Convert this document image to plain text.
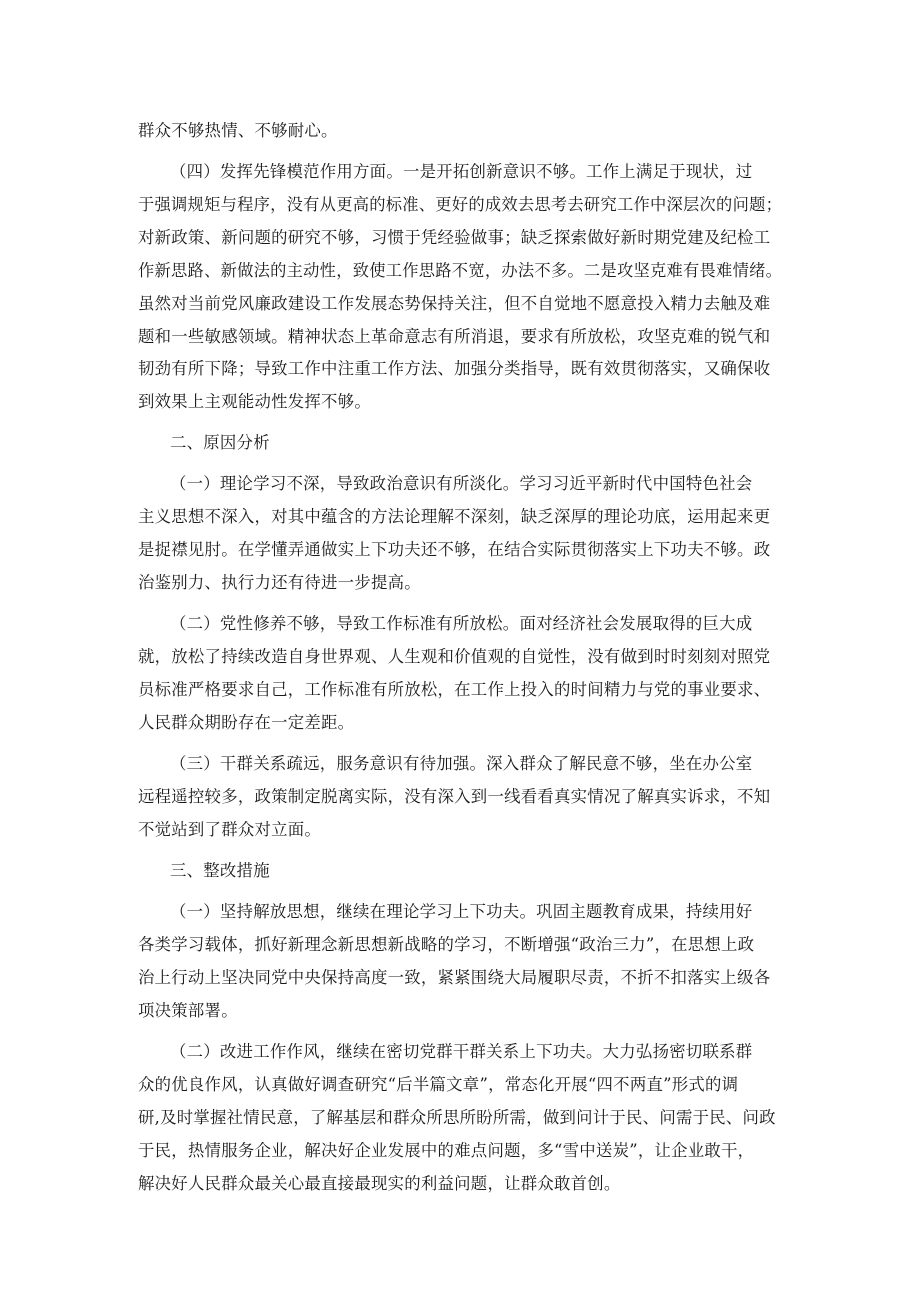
群众不够热情、不够耐心。
（四）发挥先锋模范作用方面。一是开拓创新意识不够。工作上满足于现状，过
于强调规矩与程序，没有从更高的标准、更好的成效去思考去研究工作中深层次的问题；
对新政策、新问题的研究不够，习惯于凭经验做事；缺乏探索做好新时期党建及纪检工
作新思路、新做法的主动性，致使工作思路不宽，办法不多。二是攻坚克难有畏难情绪。
虽然对当前党风廉政建设工作发展态势保持关注，但不自觉地不愿意投入精力去触及难
题和一些敏感领域。精神状态上革命意志有所消退，要求有所放松，攻坚克难的锐气和
韧劲有所下降；导致工作中注重工作方法、加强分类指导，既有效贯彻落实，又确保收
到效果上主观能动性发挥不够。
二、原因分析
（一）理论学习不深，导致政治意识有所淡化。学习习近平新时代中国特色社会
主义思想不深入，对其中蕴含的方法论理解不深刻，缺乏深厚的理论功底，运用起来更
是捉襟见肘。在学懂弄通做实上下功夫还不够，在结合实际贯彻落实上下功夫不够。政
治鉴别力、执行力还有待进一步提高。
（二）党性修养不够，导致工作标准有所放松。面对经济社会发展取得的巨大成
就，放松了持续改造自身世界观、人生观和价值观的自觉性，没有做到时时刻刻对照党
员标准严格要求自己，工作标准有所放松，在工作上投入的时间精力与党的事业要求、
人民群众期盼存在一定差距。
（三）干群关系疏远，服务意识有待加强。深入群众了解民意不够，坐在办公室
远程遥控较多，政策制定脱离实际，没有深入到一线看看真实情况了解真实诉求，不知
不觉站到了群众对立面。
三、整改措施
（一）坚持解放思想，继续在理论学习上下功夫。巩固主题教育成果，持续用好
各类学习载体，抓好新理念新思想新战略的学习，不断增强“政治三力”，在思想上政
治上行动上坚决同党中央保持高度一致，紧紧围绕大局履职尽责，不折不扣落实上级各
项决策部署。
（二）改进工作作风，继续在密切党群干群关系上下功夫。大力弘扬密切联系群
众的优良作风，认真做好调查研究“后半篇文章”，常态化开展“四不两直”形式的调
研,及时掌握社情民意，了解基层和群众所思所盼所需，做到问计于民、问需于民、问政
于民，热情服务企业，解决好企业发展中的难点问题，多“雪中送炭”，让企业敢干，
解决好人民群众最关心最直接最现实的利益问题，让群众敢首创。
